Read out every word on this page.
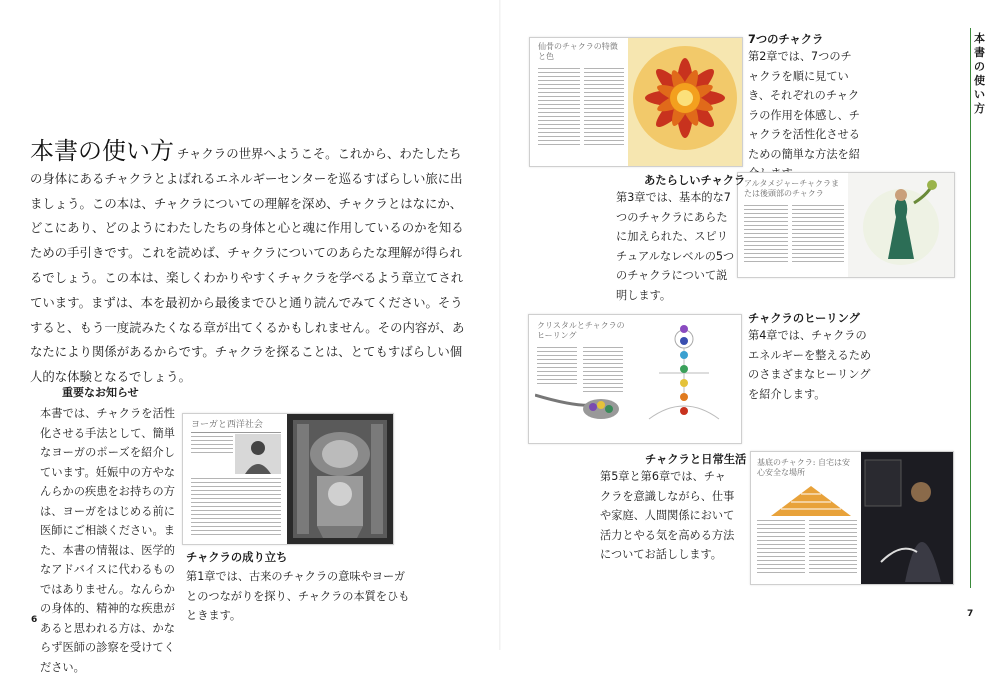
本書の使い方 チャクラの世界へようこそ。これから、わたしたちの身体にあるチャクラとよばれるエネルギーセンターを巡るすばらしい旅に出ましょう。この本は、チャクラについての理解を深め、チャクラとはなにか、どこにあり、どのようにわたしたちの身体と心と魂に作用しているのかを知るための手引きです。これを読めば、チャクラについてのあらたな理解が得られるでしょう。この本は、楽しくわかりやすくチャクラを学べるよう章立てされています。まずは、本を最初から最後までひと通り読んでみてください。そうすると、もう一度読みたくなる章が出てくるかもしれません。その内容が、あなたにより関係があるからです。チャクラを探ることは、とてもすばらしい個人的な体験となるでしょう。
重要なお知らせ
本書では、チャクラを活性化させる手法として、簡単なヨーガのポーズを紹介しています。妊娠中の方やなんらかの疾患をお持ちの方は、ヨーガをはじめる前に医師にご相談ください。また、本書の情報は、医学的なアドバイスに代わるものではありません。なんらかの身体的、精神的な疾患があると思われる方は、かならず医師の診察を受けてください。
ヨーガと西洋社会
チャクラの成り立ち
第1章では、古来のチャクラの意味やヨーガとのつながりを探り、チャクラの本質をひもときます。
6
仙骨のチャクラの特徴と色
7つのチャクラ
第2章では、7つのチャクラを順に見ていき、それぞれのチャクラの作用を体感し、チャクラを活性化させるための簡単な方法を紹
アルタメジャーチャクラまたは後頭部のチャクラ
あたらしいチャクラ
第3章では、基本的な7つのチャクラにあらたに加えられた、スピリチュアルなレベルの5つのチャクラについて説明します。
クリスタルとチャクラのヒーリング
チャクラのヒーリング
第4章では、チャクラのエネルギーを整えるためのさまざまなヒーリングを紹介します。
チャクラと日常生活
第5章と第6章では、チャクラを意識しながら、仕事や家庭、人間関係において活力とやる気を高める方法についてお話しします。
基底のチャクラ: 自宅は安心安全な場所
本書の使い方
7
